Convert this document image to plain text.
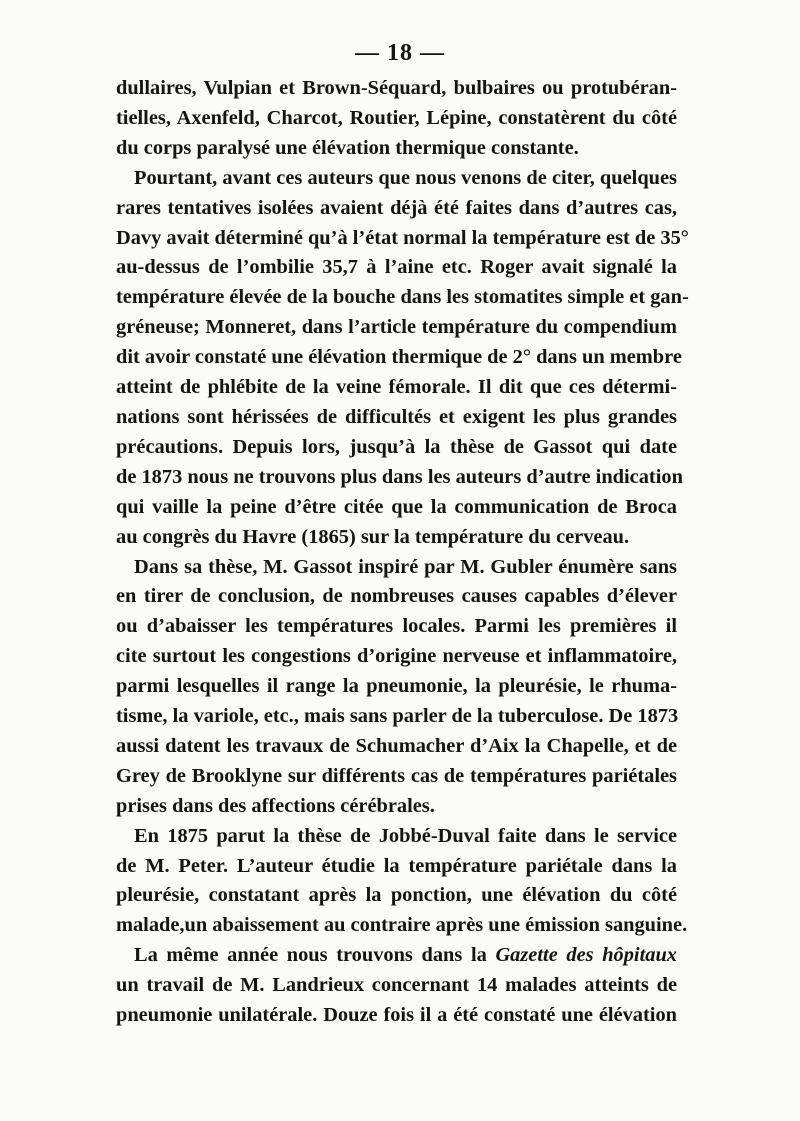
— 18 —

dullaires, Vulpian et Brown-Séquard, bulbaires ou protubéran-
tielles, Axenfeld, Charcot, Routier, Lépine, constatèrent du côté
du corps paralysé une élévation thermique constante.

Pourtant, avant ces auteurs que nous venons de citer, quelques
rares tentatives isolées avaient déjà été faites dans d’autres cas,
Davy avait déterminé qu’à l’état normal la température est de 35°
au-dessus de l’ombilie 35,7 à l’aine etc. Roger avait signalé la
température élevée de la bouche dans les stomatites simple et gan-
gréneuse; Monneret, dans l’article température du compendium
dit avoir constaté une élévation thermique de 2° dans un membre
atteint de phlébite de la veine fémorale. Il dit que ces détermi-
nations sont hérissées de difficultés et exigent les plus grandes
précautions. Depuis lors, jusqu’à la thèse de Gassot qui date
de 1873 nous ne trouvons plus dans les auteurs d’autre indication
qui vaille la peine d’être citée que la communication de Broca
au congrès du Havre (1865) sur la température du cerveau.

Dans sa thèse, M. Gassot inspiré par M. Gubler énumère sans
en tirer de conclusion, de nombreuses causes capables d’élever
ou d’abaisser les températures locales. Parmi les premières il
cite surtout les congestions d’origine nerveuse et inflammatoire,
parmi lesquelles il range la pneumonie, la pleurésie, le rhuma-
tisme, la variole, etc., mais sans parler de la tuberculose. De 1873
aussi datent les travaux de Schumacher d’Aix la Chapelle, et de
Grey de Brooklyne sur différents cas de températures pariétales
prises dans des affections cérébrales.

En 1875 parut la thèse de Jobbé-Duval faite dans le service
de M. Peter. L’auteur étudie la température pariétale dans la
pleurésie, constatant après la ponction, une élévation du côté
malade,un abaissement au contraire après une émission sanguine.

La même année nous trouvons dans la Gazette des hôpitaux
un travail de M. Landrieux concernant 14 malades atteints de
pneumonie unilatérale. Douze fois il a été constaté une élévation
